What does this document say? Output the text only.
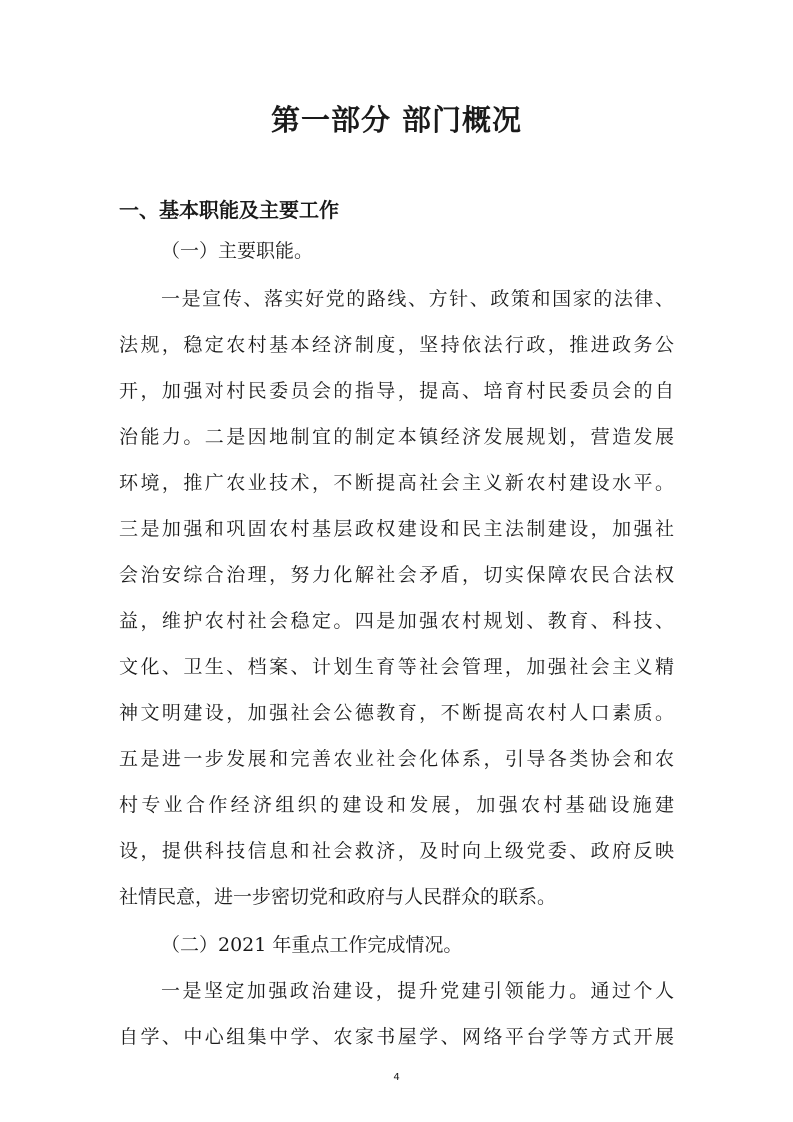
第一部分 部门概况
一、基本职能及主要工作

（一）主要职能。

一是宣传、落实好党的路线、方针、政策和国家的法律、

法规，稳定农村基本经济制度，坚持依法行政，推进政务公

开，加强对村民委员会的指导，提高、培育村民委员会的自

治能力。二是因地制宜的制定本镇经济发展规划，营造发展

环境，推广农业技术，不断提高社会主义新农村建设水平。

三是加强和巩固农村基层政权建设和民主法制建设，加强社

会治安综合治理，努力化解社会矛盾，切实保障农民合法权

益，维护农村社会稳定。四是加强农村规划、教育、科技、

文化、卫生、档案、计划生育等社会管理，加强社会主义精

神文明建设，加强社会公德教育，不断提高农村人口素质。

五是进一步发展和完善农业社会化体系，引导各类协会和农

村专业合作经济组织的建设和发展，加强农村基础设施建

设，提供科技信息和社会救济，及时向上级党委、政府反映

社情民意，进一步密切党和政府与人民群众的联系。

（二）2021 年重点工作完成情况。

一是坚定加强政治建设，提升党建引领能力。通过个人

自学、中心组集中学、农家书屋学、网络平台学等方式开展

4
